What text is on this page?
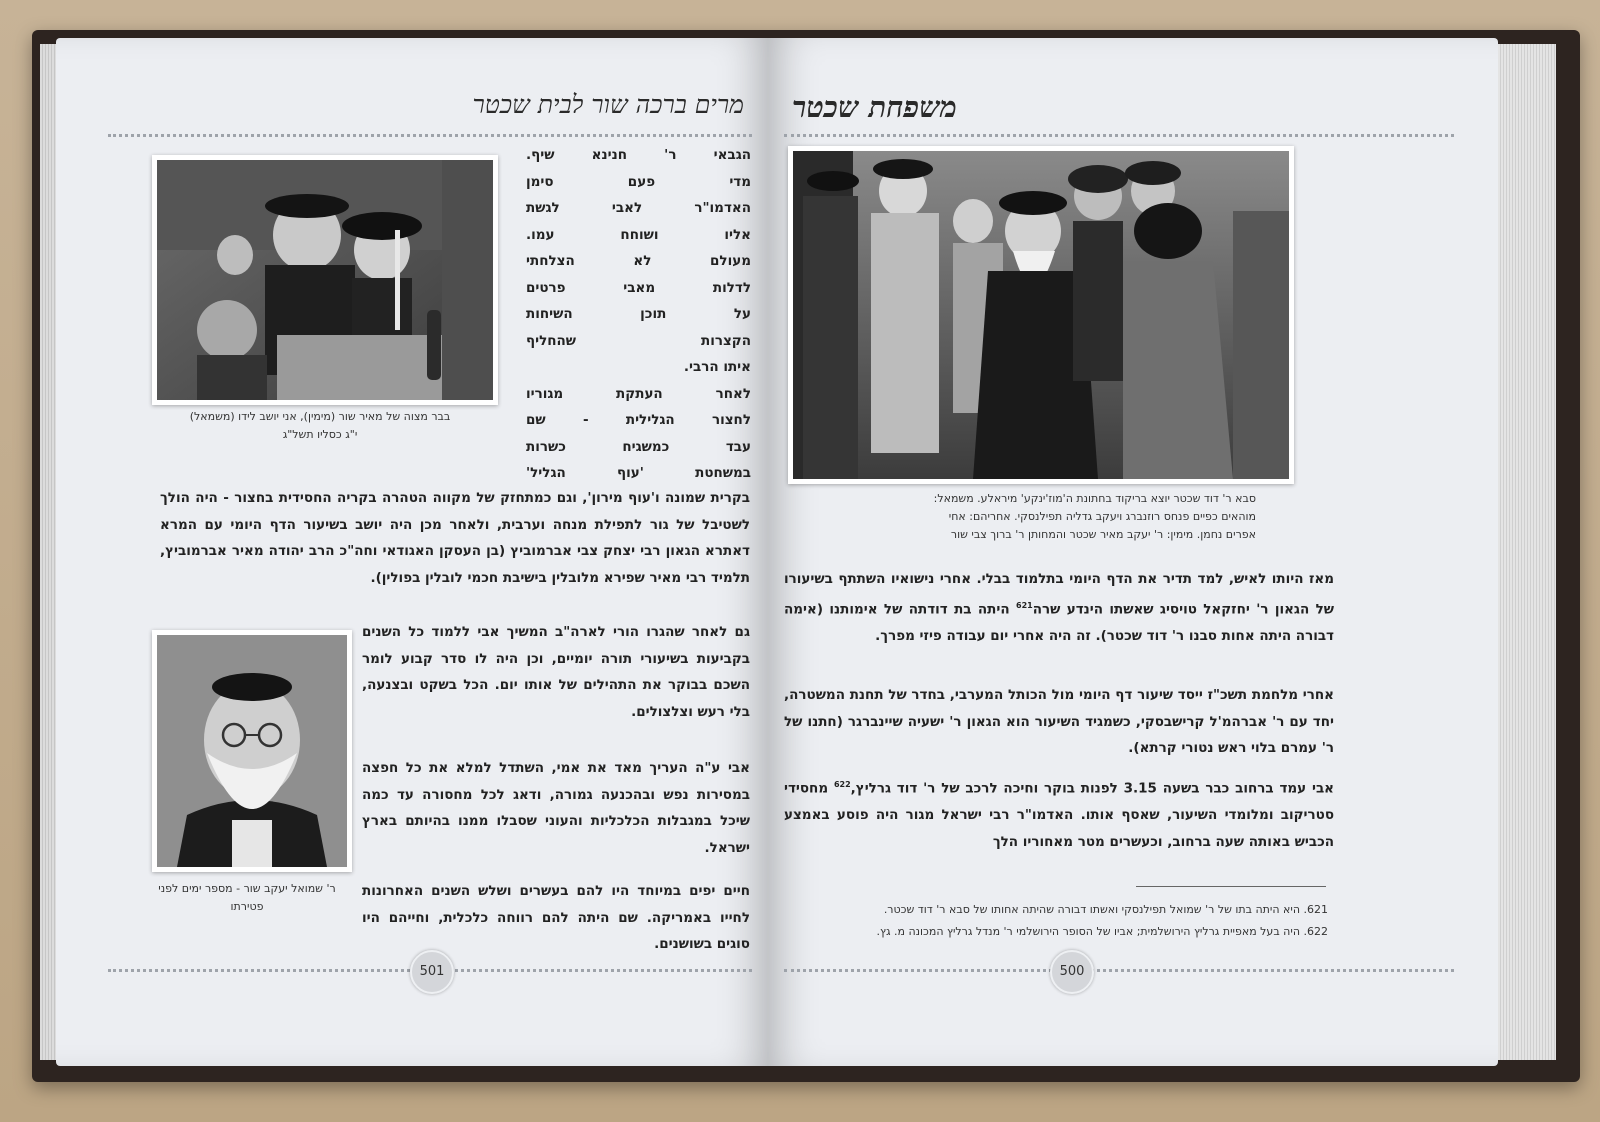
מרים ברכה שור לבית שכטר
בבר מצוה של מאיר שור (מימין), אני יושב לידו (משמאל)
י"ג כסליו תשל"ג
הגבאי ר' חנינא שיף.
מדי פעם סימן
האדמו"ר לאבי לגשת
אליו ושוחח עמו.
מעולם לא הצלחתי
לדלות מאבי פרטים
על תוכן השיחות
הקצרות שהחליף
איתו הרבי.
לאחר העתקת מגוריו
לחצור הגלילית - שם
עבד כמשגיח כשרות
במשחטת 'עוף הגליל'
בקרית שמונה ו'עוף מירון', וגם כמתחזק של מקווה הטהרה בקריה החסידית בחצור - היה הולך לשטיבל של גור לתפילת מנחה וערבית, ולאחר מכן היה יושב בשיעור הדף היומי עם המרא דאתרא הגאון רבי יצחק צבי אברמוביץ (בן העסקן האגודאי וחה"כ הרב יהודה מאיר אברמוביץ, תלמיד רבי מאיר שפירא מלובלין בישיבת חכמי לובלין בפולין).
ר' שמואל יעקב שור - מספר ימים לפני
פטירתו
גם לאחר שהגרו הורי לארה"ב המשיך אבי ללמוד כל השנים בקביעות בשיעורי תורה יומיים, וכן היה לו סדר קבוע לומר השכם בבוקר את התהילים של אותו יום. הכל בשקט ובצנעה, בלי רעש וצלצולים.
אבי ע"ה העריך מאד את אמי, השתדל למלא את כל חפצה במסירות נפש ובהכנעה גמורה, ודאג לכל מחסורה עד כמה שיכל במגבלות הכלכליות והעוני שסבלו ממנו בהיותם בארץ ישראל.
חיים יפים במיוחד היו להם בעשרים ושלש השנים האחרונות לחייו באמריקה. שם היתה להם רווחה כלכלית, וחייהם היו סוגים בשושנים.
501
משפחת שכטר
סבא ר' דוד שכטר יוצא בריקוד בחתונת ה'מוז'ינקע' מיראלע. משמאל:
מוהאים כפיים פנחס רוזנברג ויעקב גדליה תפילנסקי. אחריהם: אחי
אפרים נחמן. מימין: ר' יעקב מאיר שכטר והמחותן ר' ברוך צבי שור
מאז היותו לאיש, למד תדיר את הדף היומי בתלמוד בבלי. אחרי נישואיו השתתף בשיעורו של הגאון ר' יחזקאל טויסיג שאשתו הינדע שרה$^{621}$ היתה בת דודתה של אימותנו (אימה דבורה היתה אחות סבנו ר' דוד שכטר). זה היה אחרי יום עבודה פיזי מפרך.
אחרי מלחמת תשכ"ז ייסד שיעור דף היומי מול הכותל המערבי, בחדר של תחנת המשטרה, יחד עם ר' אברהמ'ל קרישבסקי, כשמגיד השיעור הוא הגאון ר' ישעיה שיינברגר (חתנו של ר' עמרם בלוי ראש נטורי קרתא).
אבי עמד ברחוב כבר בשעה 3.15 לפנות בוקר וחיכה לרכב של ר' דוד גרליץ,$^{622}$ מחסידי סטריקוב ומלומדי השיעור, שאסף אותו. האדמו"ר רבי ישראל מגור היה פוסע באמצע הכביש באותה שעה ברחוב, וכעשרים מטר מאחוריו הלך
621. היא היתה בתו של ר' שמואל תפילנסקי ואשתו דבורה שהיתה אחותו של סבא ר' דוד שכטר.
622. היה בעל מאפיית גרליץ הירושלמית; אביו של הסופר הירושלמי ר' מנדל גרליץ המכונה מ. גץ.
500
